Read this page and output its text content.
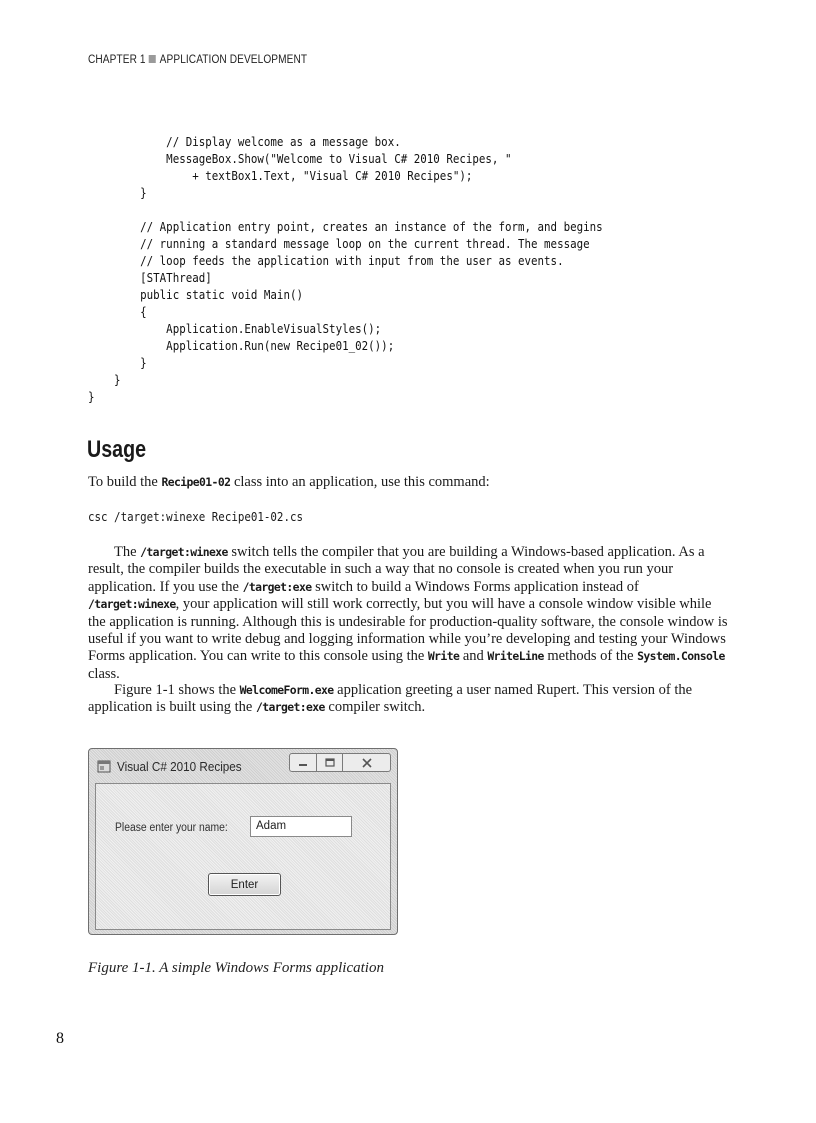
CHAPTER 1 APPLICATION DEVELOPMENT
// Display welcome as a message box.
MessageBox.Show("Welcome to Visual C# 2010 Recipes, "
+ textBox1.Text, "Visual C# 2010 Recipes");
}

// Application entry point, creates an instance of the form, and begins
// running a standard message loop on the current thread. The message
// loop feeds the application with input from the user as events.
[STAThread]
public static void Main()
{
Application.EnableVisualStyles();
Application.Run(new Recipe01_02());
}
}
}
Usage

To build the Recipe01-02 class into an application, use this command:

csc /target:winexe Recipe01-02.cs

The /target:winexe switch tells the compiler that you are building a Windows-based application. As a result, the compiler builds the executable in such a way that no console is created when you run your application. If you use the /target:exe switch to build a Windows Forms application instead of /target:winexe, your application will still work correctly, but you will have a console window visible while the application is running. Although this is undesirable for production-quality software, the console window is useful if you want to write debug and logging information while you’re developing and testing your Windows Forms application. You can write to this console using the Write and WriteLine methods of the System.Console class.

Figure 1-1 shows the WelcomeForm.exe application greeting a user named Rupert. This version of the application is built using the /target:exe compiler switch.

Visual C# 2010 Recipes
Please enter your name:	Adam
Enter

Figure 1-1. A simple Windows Forms application

8
